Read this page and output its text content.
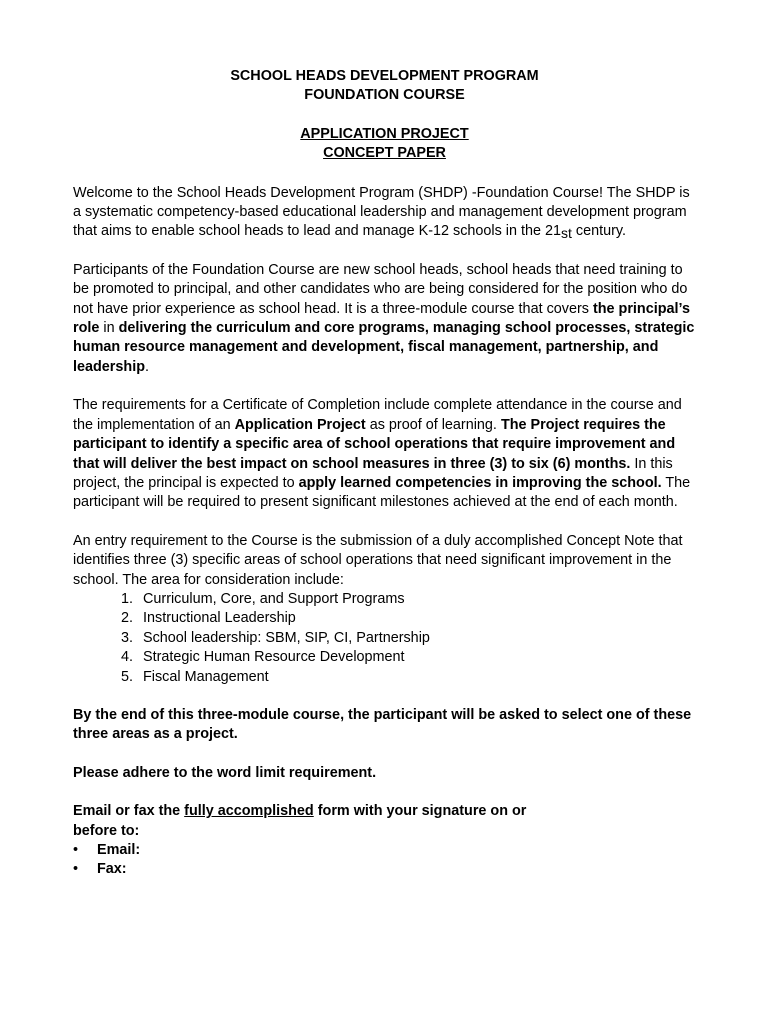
SCHOOL HEADS DEVELOPMENT PROGRAM
FOUNDATION COURSE
APPLICATION PROJECT
CONCEPT PAPER

Welcome to the School Heads Development Program (SHDP) -Foundation Course! The SHDP is a systematic competency-based educational leadership and management development program that aims to enable school heads to lead and manage K-12 schools in the $21_{st}$ century.

Participants of the Foundation Course are new school heads, school heads that need training to be promoted to principal, and other candidates who are being considered for the position who do not have prior experience as school head. It is a three-module course that covers the principal’s role in delivering the curriculum and core programs, managing school processes, strategic human resource management and development, fiscal management, partnership, and leadership.

The requirements for a Certificate of Completion include complete attendance in the course and the implementation of an Application Project as proof of learning. The Project requires the participant to identify a specific area of school operations that require improvement and that will deliver the best impact on school measures in three (3) to six (6) months. In this project, the principal is expected to apply learned competencies in improving the school. The participant will be required to present significant milestones achieved at the end of each month.

An entry requirement to the Course is the submission of a duly accomplished Concept Note that identifies three (3) specific areas of school operations that need significant improvement in the school. The area for consideration include:

1. Curriculum, Core, and Support Programs
2. Instructional Leadership
3. School leadership: SBM, SIP, CI, Partnership
4. Strategic Human Resource Development
5. Fiscal Management

By the end of this three-module course, the participant will be asked to select one of these three areas as a project.

Please adhere to the word limit requirement.

Email or fax the fully accomplished form with your signature on or before to:

• Email:
• Fax:
